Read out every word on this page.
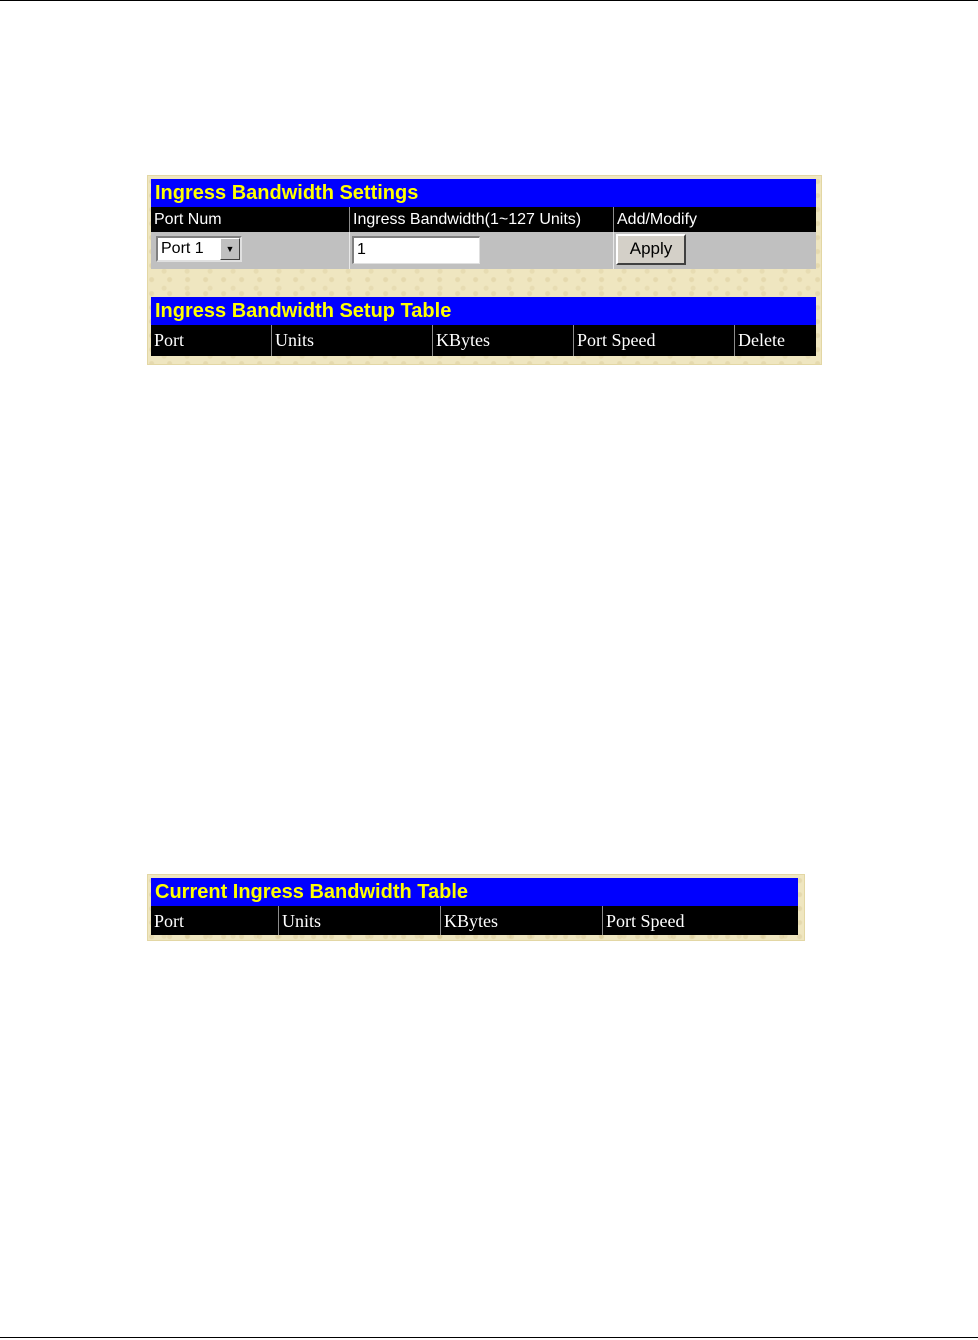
Ingress Bandwidth Settings
Port Num	Ingress Bandwidth(1~127 Units)	Add/Modify
Port 1	▼	1	Apply
Ingress Bandwidth Setup Table
Port	Units	KBytes	Port Speed	Delete
Current Ingress Bandwidth Table
Port	Units	KBytes	Port Speed
